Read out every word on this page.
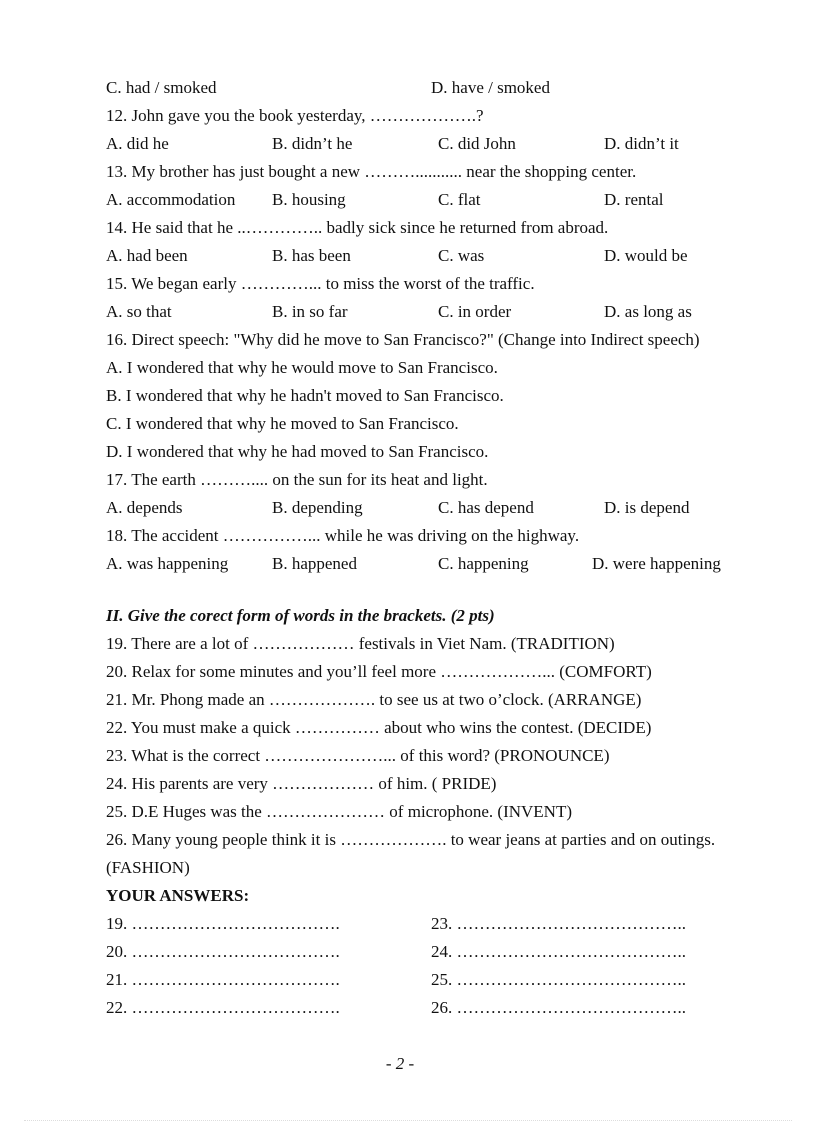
C. had / smoked	D. have / smoked
12. John gave you the book yesterday, ……………….?
A. did he	B. didn’t he	C. did John	D. didn’t it
13. My brother has just bought a new ………........... near the shopping center.
A. accommodation	B. housing	C. flat	D. rental
14. He said that he ..………….. badly sick since he returned from abroad.
A. had been	B. has been	C. was	D. would be
15. We began early …………... to miss the worst of the traffic.
A. so that	B. in so far	C. in order	D. as long as
16. Direct speech: "Why did he move to San Francisco?" (Change into Indirect speech)
A. I wondered that why he would move to San Francisco.
B. I wondered that why he hadn't moved to San Francisco.
C. I wondered that why he moved to San Francisco.
D. I wondered that why he had moved to San Francisco.
17. The earth ……….... on the sun for its heat and light.
A. depends	B. depending	C. has depend	D. is depend
18. The accident ……………... while he was driving on the highway.
A. was happening	B. happened	C. happening	D. were happening
II. Give the corect form of words in the brackets. (2 pts)
19. There are a lot of ……………… festivals in Viet Nam. (TRADITION)
20. Relax for some minutes and you’ll feel more ………………... (COMFORT)
21. Mr. Phong made an ………………. to see us at two o’clock. (ARRANGE)
22. You must make a quick …………… about who wins the contest. (DECIDE)
23. What is the correct …………………... of this word? (PRONOUNCE)
24. His parents are very ……………… of him. ( PRIDE)
25. D.E Huges was the ………………… of microphone. (INVENT)
26. Many young people think it is ………………. to wear jeans at parties and on outings. (FASHION)
YOUR ANSWERS:
19. ……………………………….	23. …………………………………..
20. ……………………………….	24. …………………………………..
21. ……………………………….	25. …………………………………..
22. ……………………………….	26. …………………………………..
- 2 -
